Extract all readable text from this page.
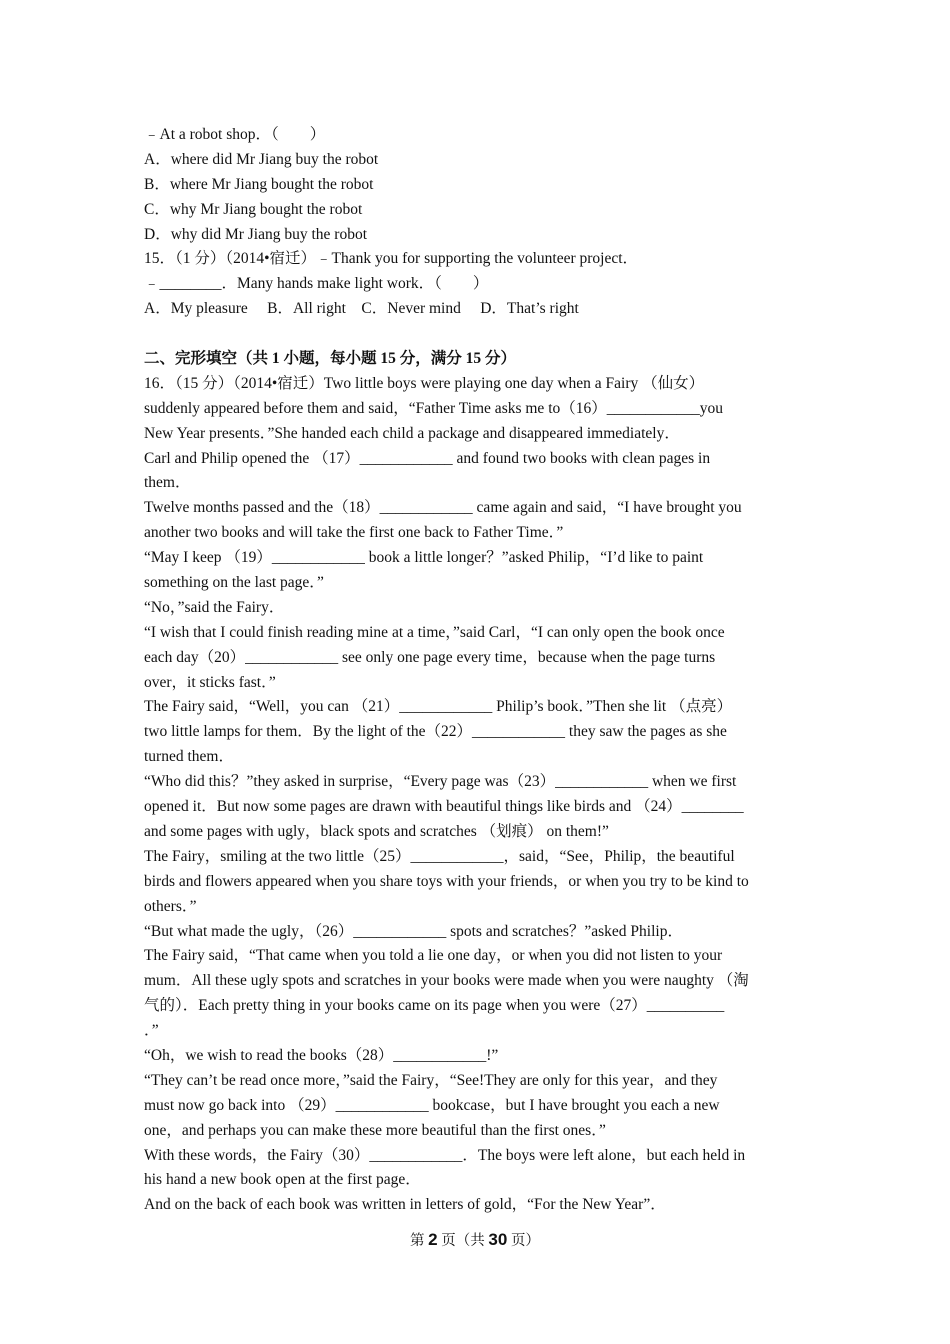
﹣At a robot shop．（　　）
A．where did Mr Jiang buy the robot
B．where Mr Jiang bought the robot
C．why Mr Jiang bought the robot
D．why did Mr Jiang buy the robot
15．（1 分）（2014•宿迁）﹣Thank you for supporting the volunteer project．
﹣________．Many hands make light work．（　　）
A．My pleasure　 B．All right　C．Never mind　 D．That’s right
二、完形填空（共 1 小题，每小题 15 分，满分 15 分）
16．（15 分）（2014•宿迁）Two little boys were playing one day when a Fairy （仙女）
suddenly appeared before them and said，“Father Time asks me to（16）____________you
New Year presents．”She handed each child a package and disappeared immediately．
Carl and Philip opened the （17）____________ and found two books with clean pages in
them．
Twelve months passed and the（18）____________ came again and said，“I have brought you
another two books and will take the first one back to Father Time．”
“May I keep （19）____________ book a little longer？”asked Philip，“I’d like to paint
something on the last page．”
“No，”said the Fairy．
“I wish that I could finish reading mine at a time，”said Carl，“I can only open the book once
each day（20）____________ see only one page every time，because when the page turns
over，it sticks fast．”
The Fairy said，“Well，you can （21）____________ Philip’s book．”Then she lit （点亮）
two little lamps for them．By the light of the（22）____________ they saw the pages as she
turned them．
“Who did this？”they asked in surprise，“Every page was（23）____________ when we first
opened it．But now some pages are drawn with beautiful things like birds and （24）________
and some pages with ugly，black spots and scratches （划痕） on them!”
The Fairy，smiling at the two little（25）____________，said，“See，Philip，the beautiful
birds and flowers appeared when you share toys with your friends，or when you try to be kind to
others．”
“But what made the ugly，（26）____________ spots and scratches？”asked Philip．
The Fairy said，“That came when you told a lie one day，or when you did not listen to your
mum．All these ugly spots and scratches in your books were made when you were naughty （淘
气的）．Each pretty thing in your books came on its page when you were（27）__________
．”
“Oh，we wish to read the books（28）____________!”
“They can’t be read once more，”said the Fairy，“See!They are only for this year，and they
must now go back into （29）____________ bookcase，but I have brought you each a new
one，and perhaps you can make these more beautiful than the first ones．”
With these words，the Fairy（30）____________．The boys were left alone，but each held in
his hand a new book open at the first page．
And on the back of each book was written in letters of gold，“For the New Year”．
第 2 页（共 30 页）
